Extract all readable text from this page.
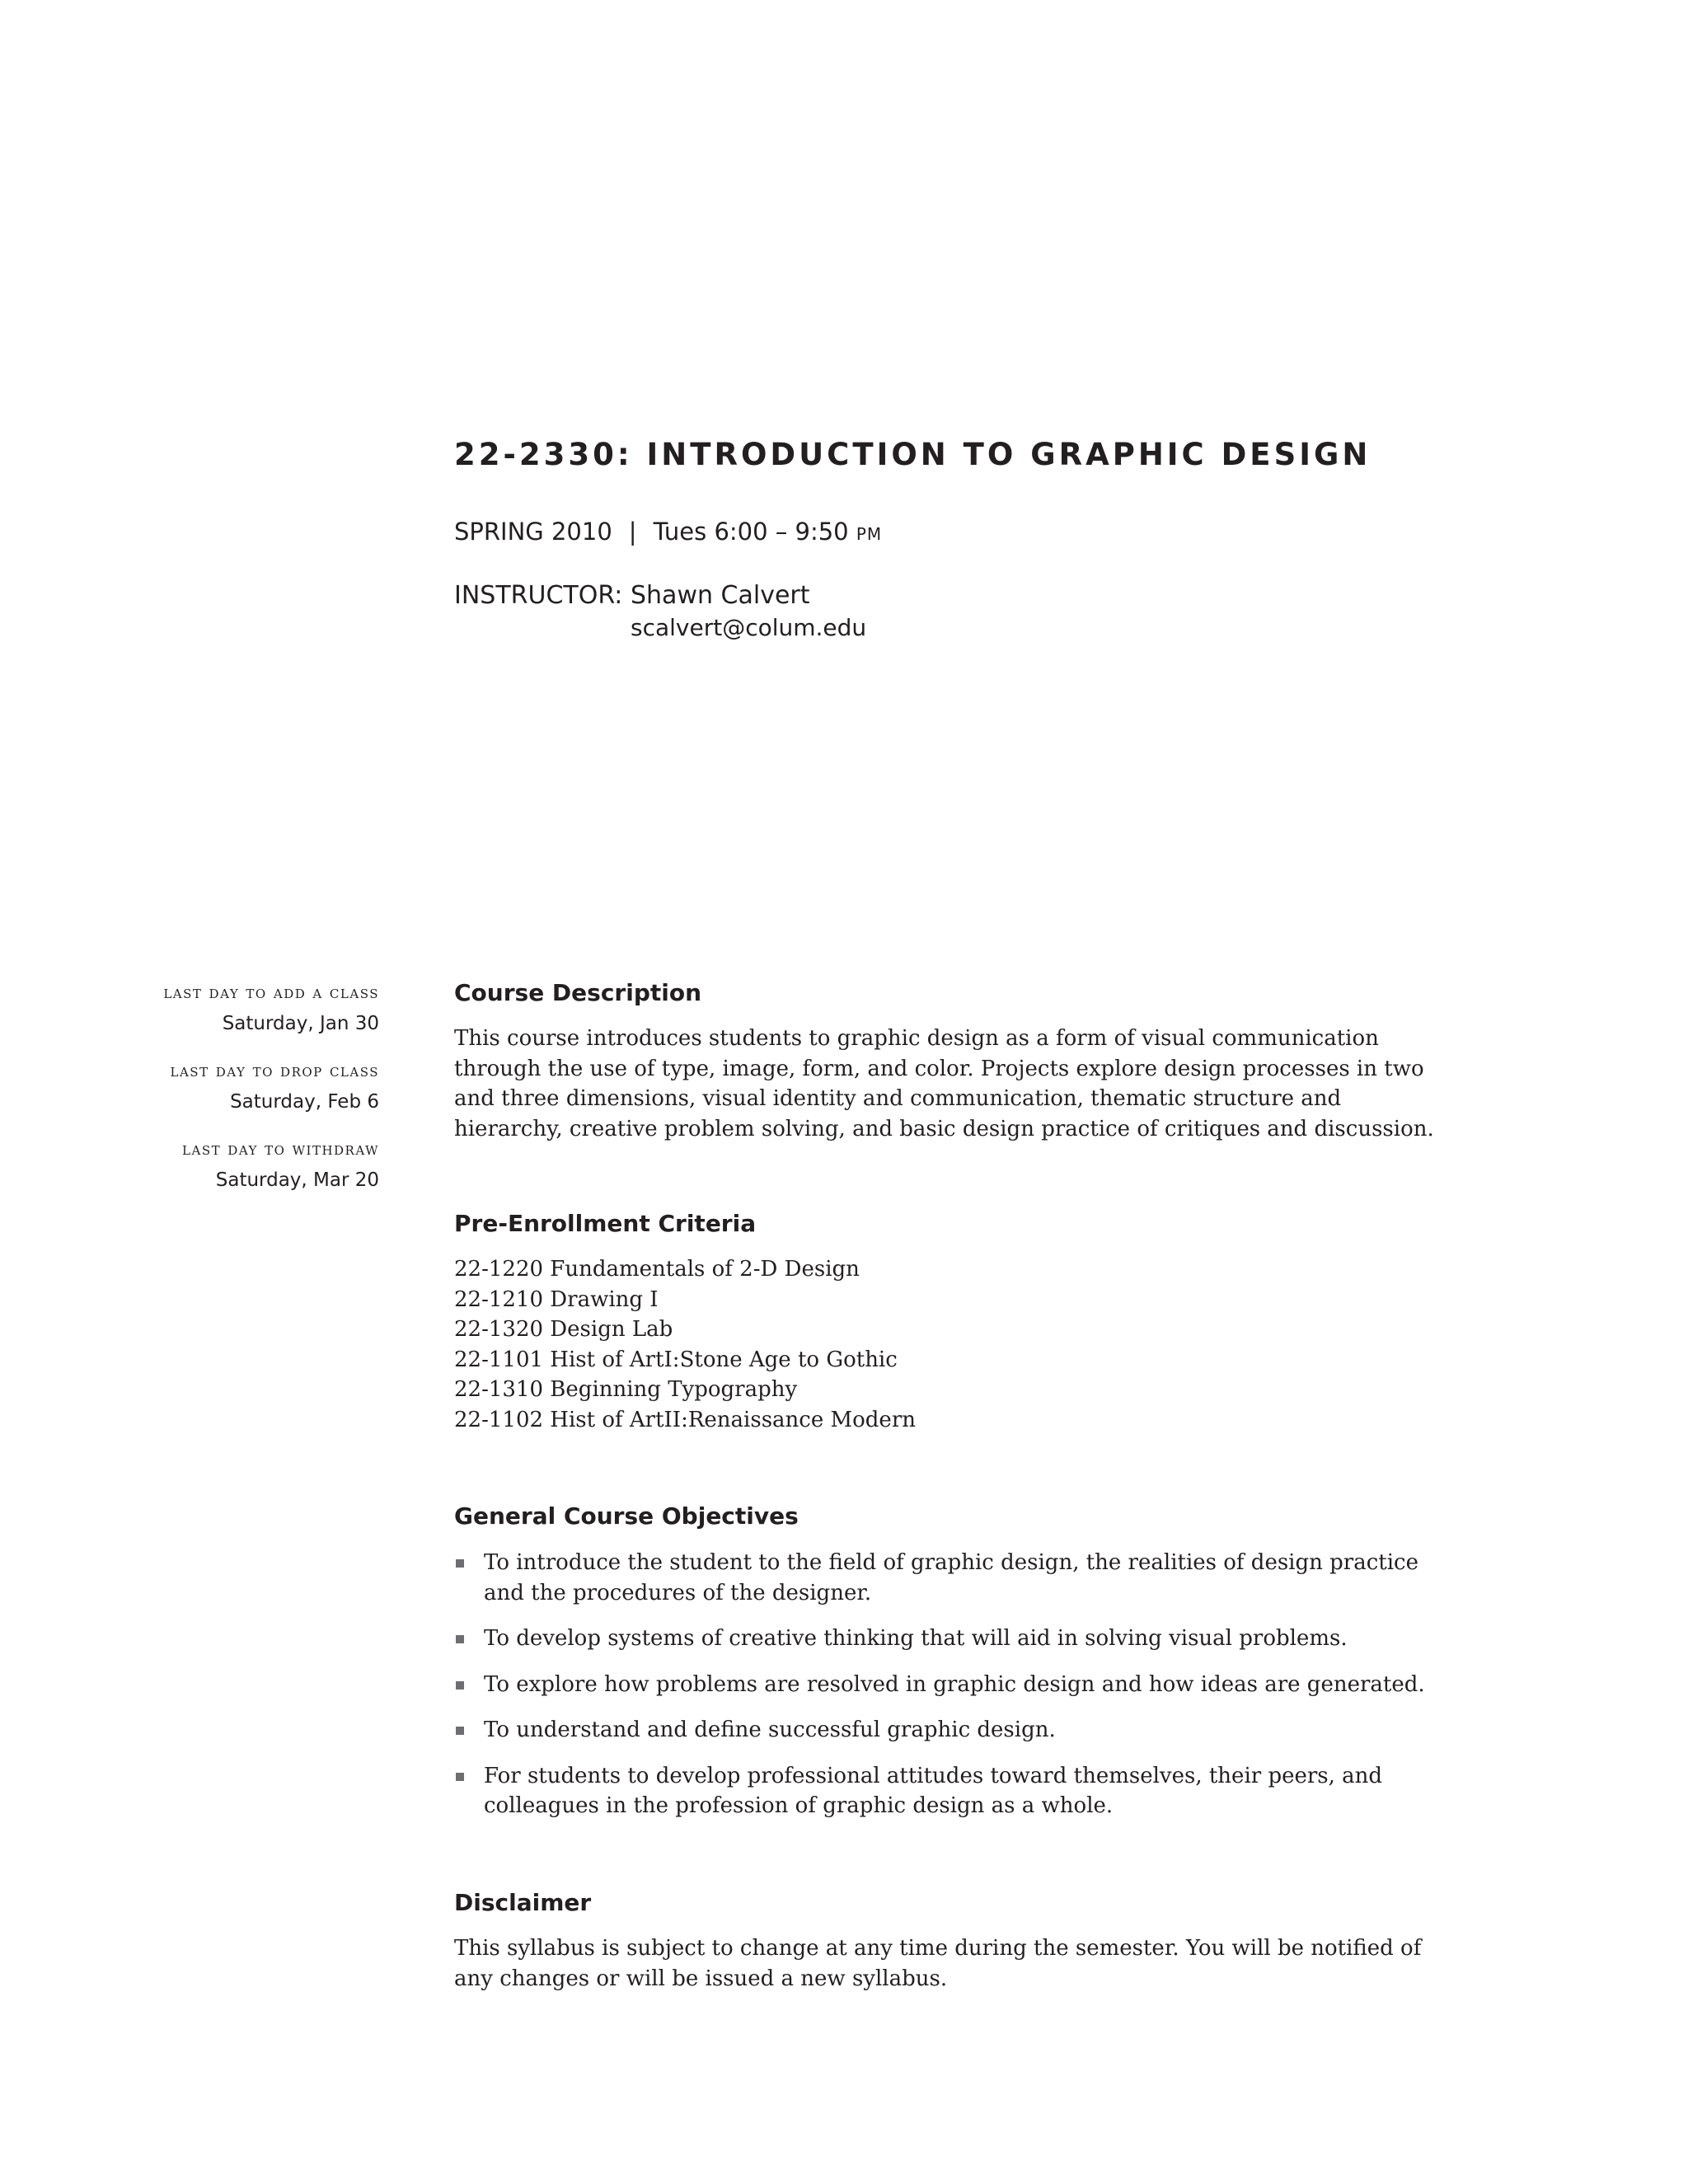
22-2330: INTRODUCTION TO GRAPHIC DESIGN
SPRING 2010 | Tues 6:00 – 9:50 PM
INSTRUCTOR: Shawn Calvert
scalvert@colum.edu
last day to add a class
Saturday, Jan 30
last day to drop class
Saturday, Feb 6
last day to withdraw
Saturday, Mar 20
Course Description

This course introduces students to graphic design as a form of visual communication through the use of type, image, form, and color. Projects explore design processes in two and three dimensions, visual identity and communication, thematic structure and hierarchy, creative problem solving, and basic design practice of critiques and discussion.

Pre-Enrollment Criteria
22-1220 Fundamentals of 2-D Design
22-1210 Drawing I
22-1320 Design Lab
22-1101 Hist of ArtI:Stone Age to Gothic
22-1310 Beginning Typography
22-1102 Hist of ArtII:Renaissance Modern
General Course Objectives
To introduce the student to the field of graphic design, the realities of design practice and the procedures of the designer.
To develop systems of creative thinking that will aid in solving visual problems.
To explore how problems are resolved in graphic design and how ideas are generated.
To understand and define successful graphic design.
For students to develop professional attitudes toward themselves, their peers, and colleagues in the profession of graphic design as a whole.
Disclaimer

This syllabus is subject to change at any time during the semester. You will be notified of any changes or will be issued a new syllabus.
